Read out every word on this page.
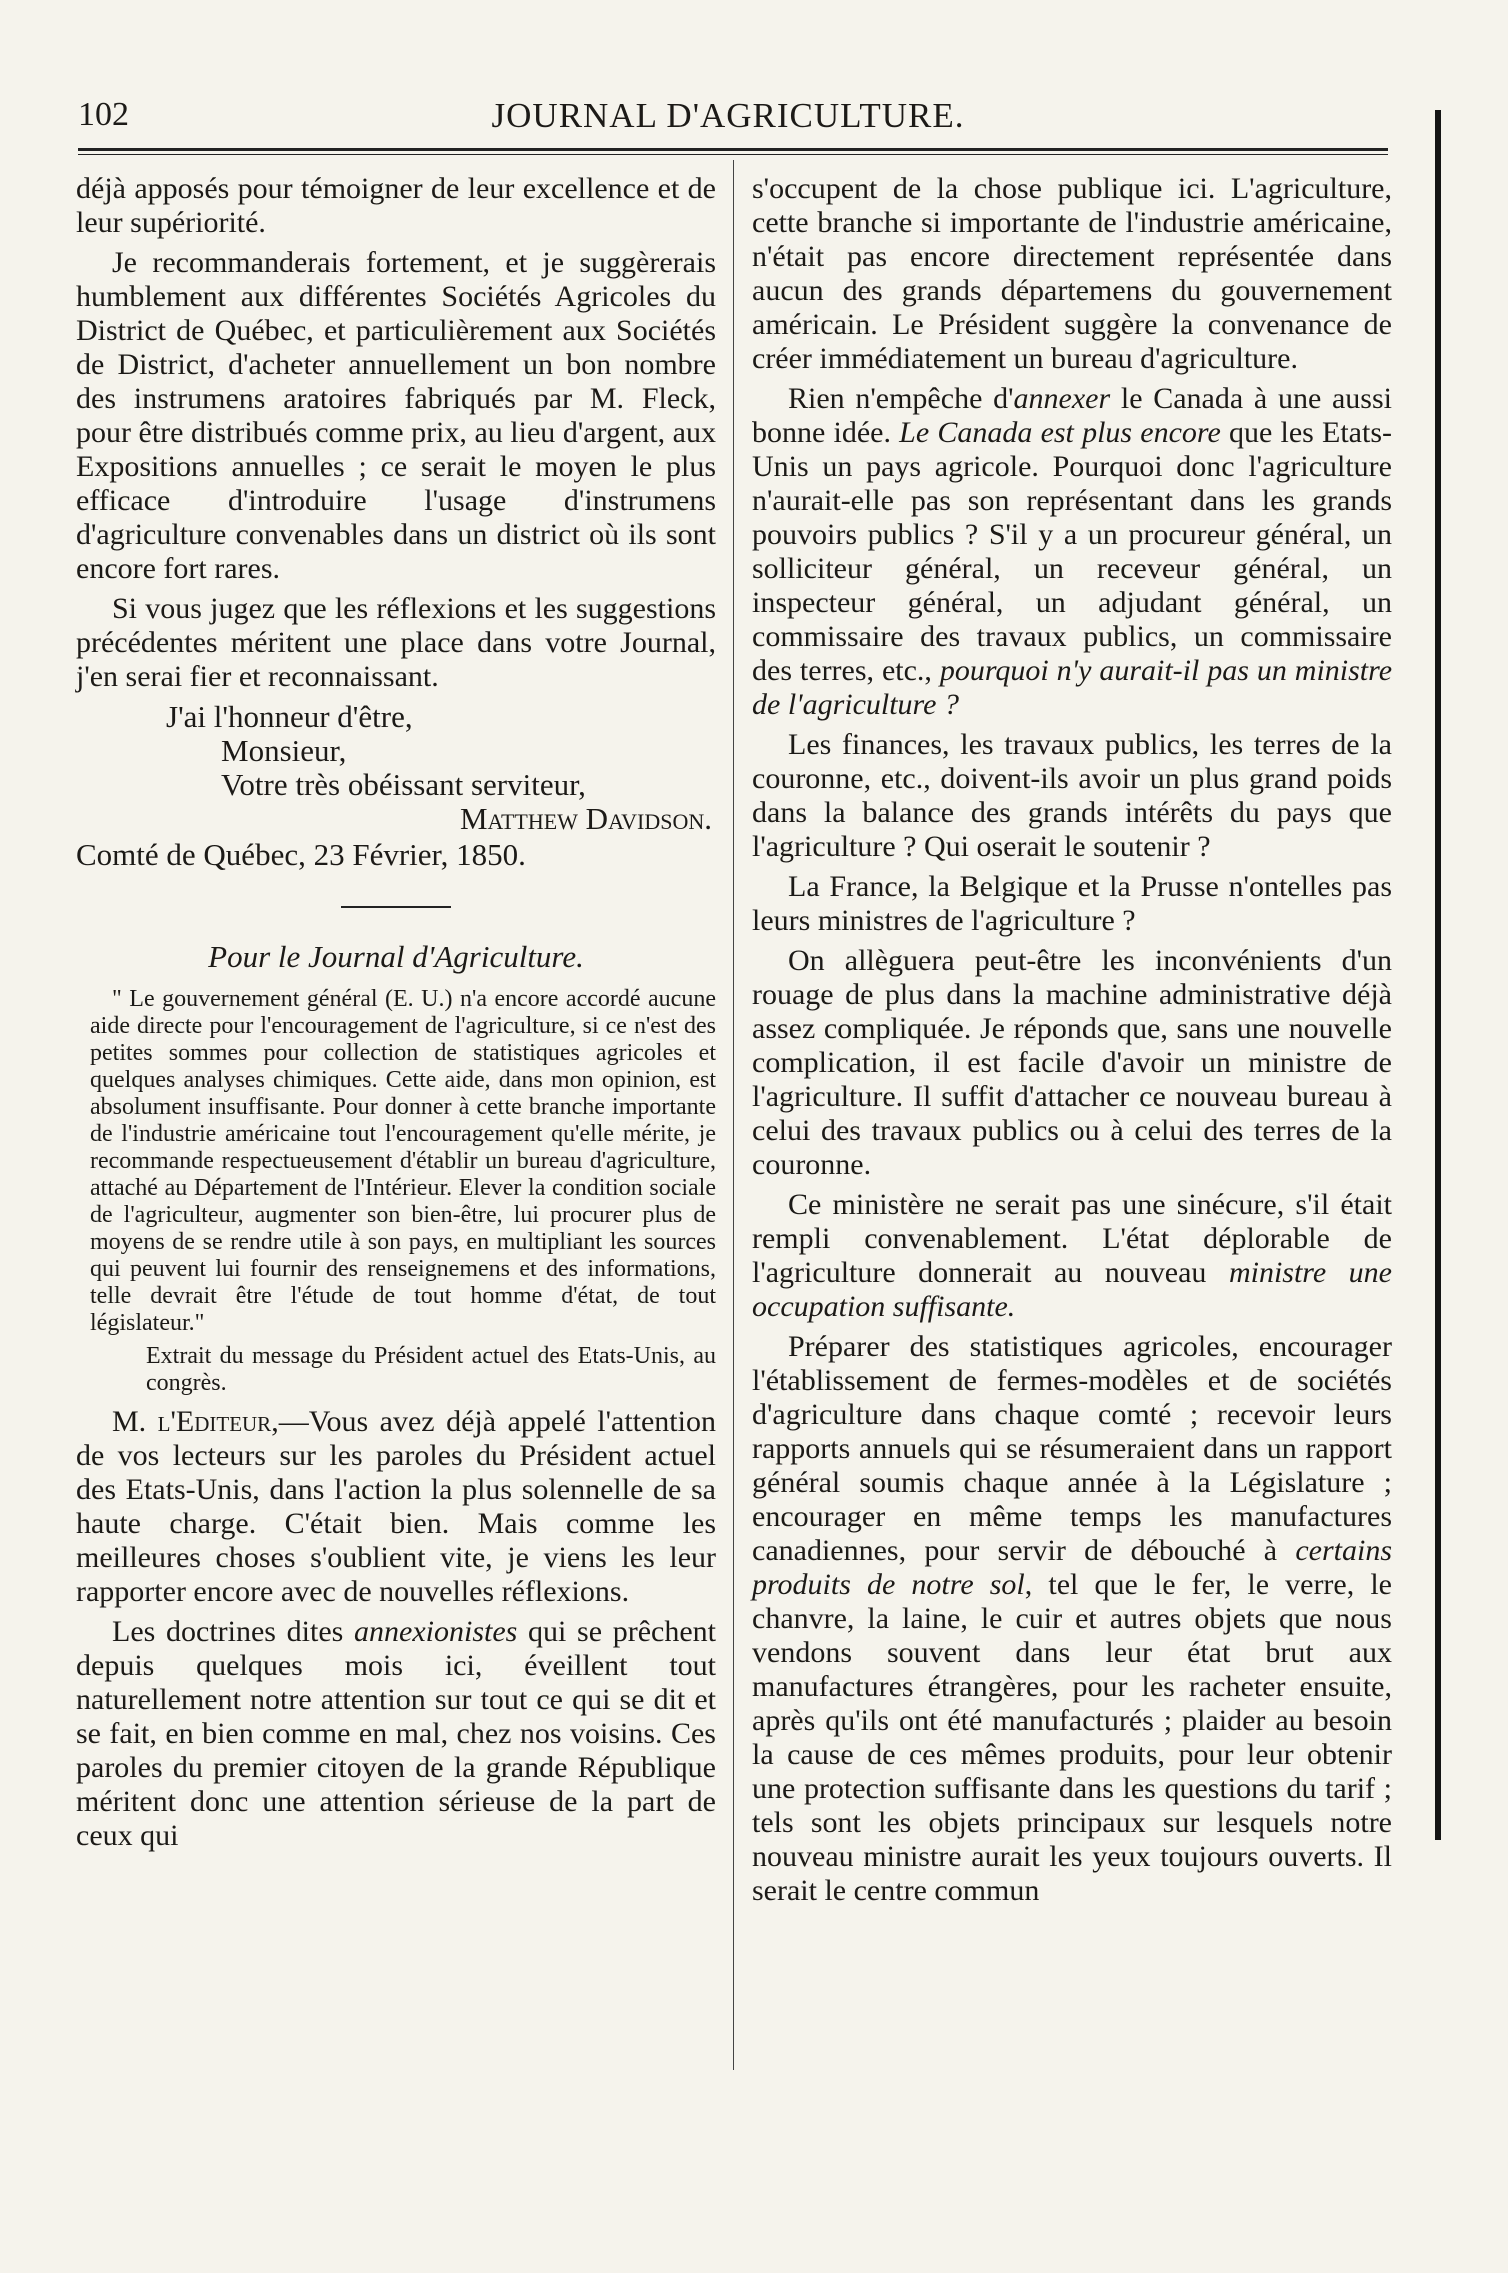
102	JOURNAL D'AGRICULTURE.

déjà apposés pour témoigner de leur excellence et de leur supériorité.

Je recommanderais fortement, et je suggèrerais humblement aux différentes Sociétés Agricoles du District de Québec, et particulièrement aux Sociétés de District, d'acheter annuellement un bon nombre des instrumens aratoires fabriqués par M. Fleck, pour être distribués comme prix, au lieu d'argent, aux Expositions annuelles ; ce serait le moyen le plus efficace d'introduire l'usage d'instrumens d'agriculture convenables dans un district où ils sont encore fort rares.

Si vous jugez que les réflexions et les suggestions précédentes méritent une place dans votre Journal, j'en serai fier et reconnaissant.

J'ai l'honneur d'être,

Monsieur,

Votre très obéissant serviteur,

Matthew Davidson.

Comté de Québec, 23 Février, 1850.

Pour le Journal d'Agriculture.

" Le gouvernement général (E. U.) n'a encore accordé aucune aide directe pour l'encouragement de l'agriculture, si ce n'est des petites sommes pour collection de statistiques agricoles et quelques analyses chimiques. Cette aide, dans mon opinion, est absolument insuffisante. Pour donner à cette branche importante de l'industrie américaine tout l'encouragement qu'elle mérite, je recommande respectueusement d'établir un bureau d'agriculture, attaché au Département de l'Intérieur. Elever la condition sociale de l'agriculteur, augmenter son bien-être, lui procurer plus de moyens de se rendre utile à son pays, en multipliant les sources qui peuvent lui fournir des renseignemens et des informations, telle devrait être l'étude de tout homme d'état, de tout législateur."

Extrait du message du Président actuel des Etats-Unis, au congrès.

M. l'Editeur,—Vous avez déjà appelé l'attention de vos lecteurs sur les paroles du Président actuel des Etats-Unis, dans l'action la plus solennelle de sa haute charge. C'était bien. Mais comme les meilleures choses s'oublient vite, je viens les leur rapporter encore avec de nouvelles réflexions.

Les doctrines dites annexionistes qui se prêchent depuis quelques mois ici, éveillent tout naturellement notre attention sur tout ce qui se dit et se fait, en bien comme en mal, chez nos voisins. Ces paroles du premier citoyen de la grande République méritent donc une attention sérieuse de la part de ceux qui

s'occupent de la chose publique ici. L'agriculture, cette branche si importante de l'industrie américaine, n'était pas encore directement représentée dans aucun des grands départemens du gouvernement américain. Le Président suggère la convenance de créer immédiatement un bureau d'agriculture.

Rien n'empêche d'annexer le Canada à une aussi bonne idée. Le Canada est plus encore que les Etats-Unis un pays agricole. Pourquoi donc l'agriculture n'aurait-elle pas son représentant dans les grands pouvoirs publics ? S'il y a un procureur général, un solliciteur général, un receveur général, un inspecteur général, un adjudant général, un commissaire des travaux publics, un commissaire des terres, etc., pourquoi n'y aurait-il pas un ministre de l'agriculture ?

Les finances, les travaux publics, les terres de la couronne, etc., doivent-ils avoir un plus grand poids dans la balance des grands intérêts du pays que l'agriculture ? Qui oserait le soutenir ?

La France, la Belgique et la Prusse n'ontelles pas leurs ministres de l'agriculture ?

On allèguera peut-être les inconvénients d'un rouage de plus dans la machine administrative déjà assez compliquée. Je réponds que, sans une nouvelle complication, il est facile d'avoir un ministre de l'agriculture. Il suffit d'attacher ce nouveau bureau à celui des travaux publics ou à celui des terres de la couronne.

Ce ministère ne serait pas une sinécure, s'il était rempli convenablement. L'état déplorable de l'agriculture donnerait au nouveau ministre une occupation suffisante.

Préparer des statistiques agricoles, encourager l'établissement de fermes-modèles et de sociétés d'agriculture dans chaque comté ; recevoir leurs rapports annuels qui se résumeraient dans un rapport général soumis chaque année à la Législature ; encourager en même temps les manufactures canadiennes, pour servir de débouché à certains produits de notre sol, tel que le fer, le verre, le chanvre, la laine, le cuir et autres objets que nous vendons souvent dans leur état brut aux manufactures étrangères, pour les racheter ensuite, après qu'ils ont été manufacturés ; plaider au besoin la cause de ces mêmes produits, pour leur obtenir une protection suffisante dans les questions du tarif ; tels sont les objets principaux sur lesquels notre nouveau ministre aurait les yeux toujours ouverts. Il serait le centre commun
